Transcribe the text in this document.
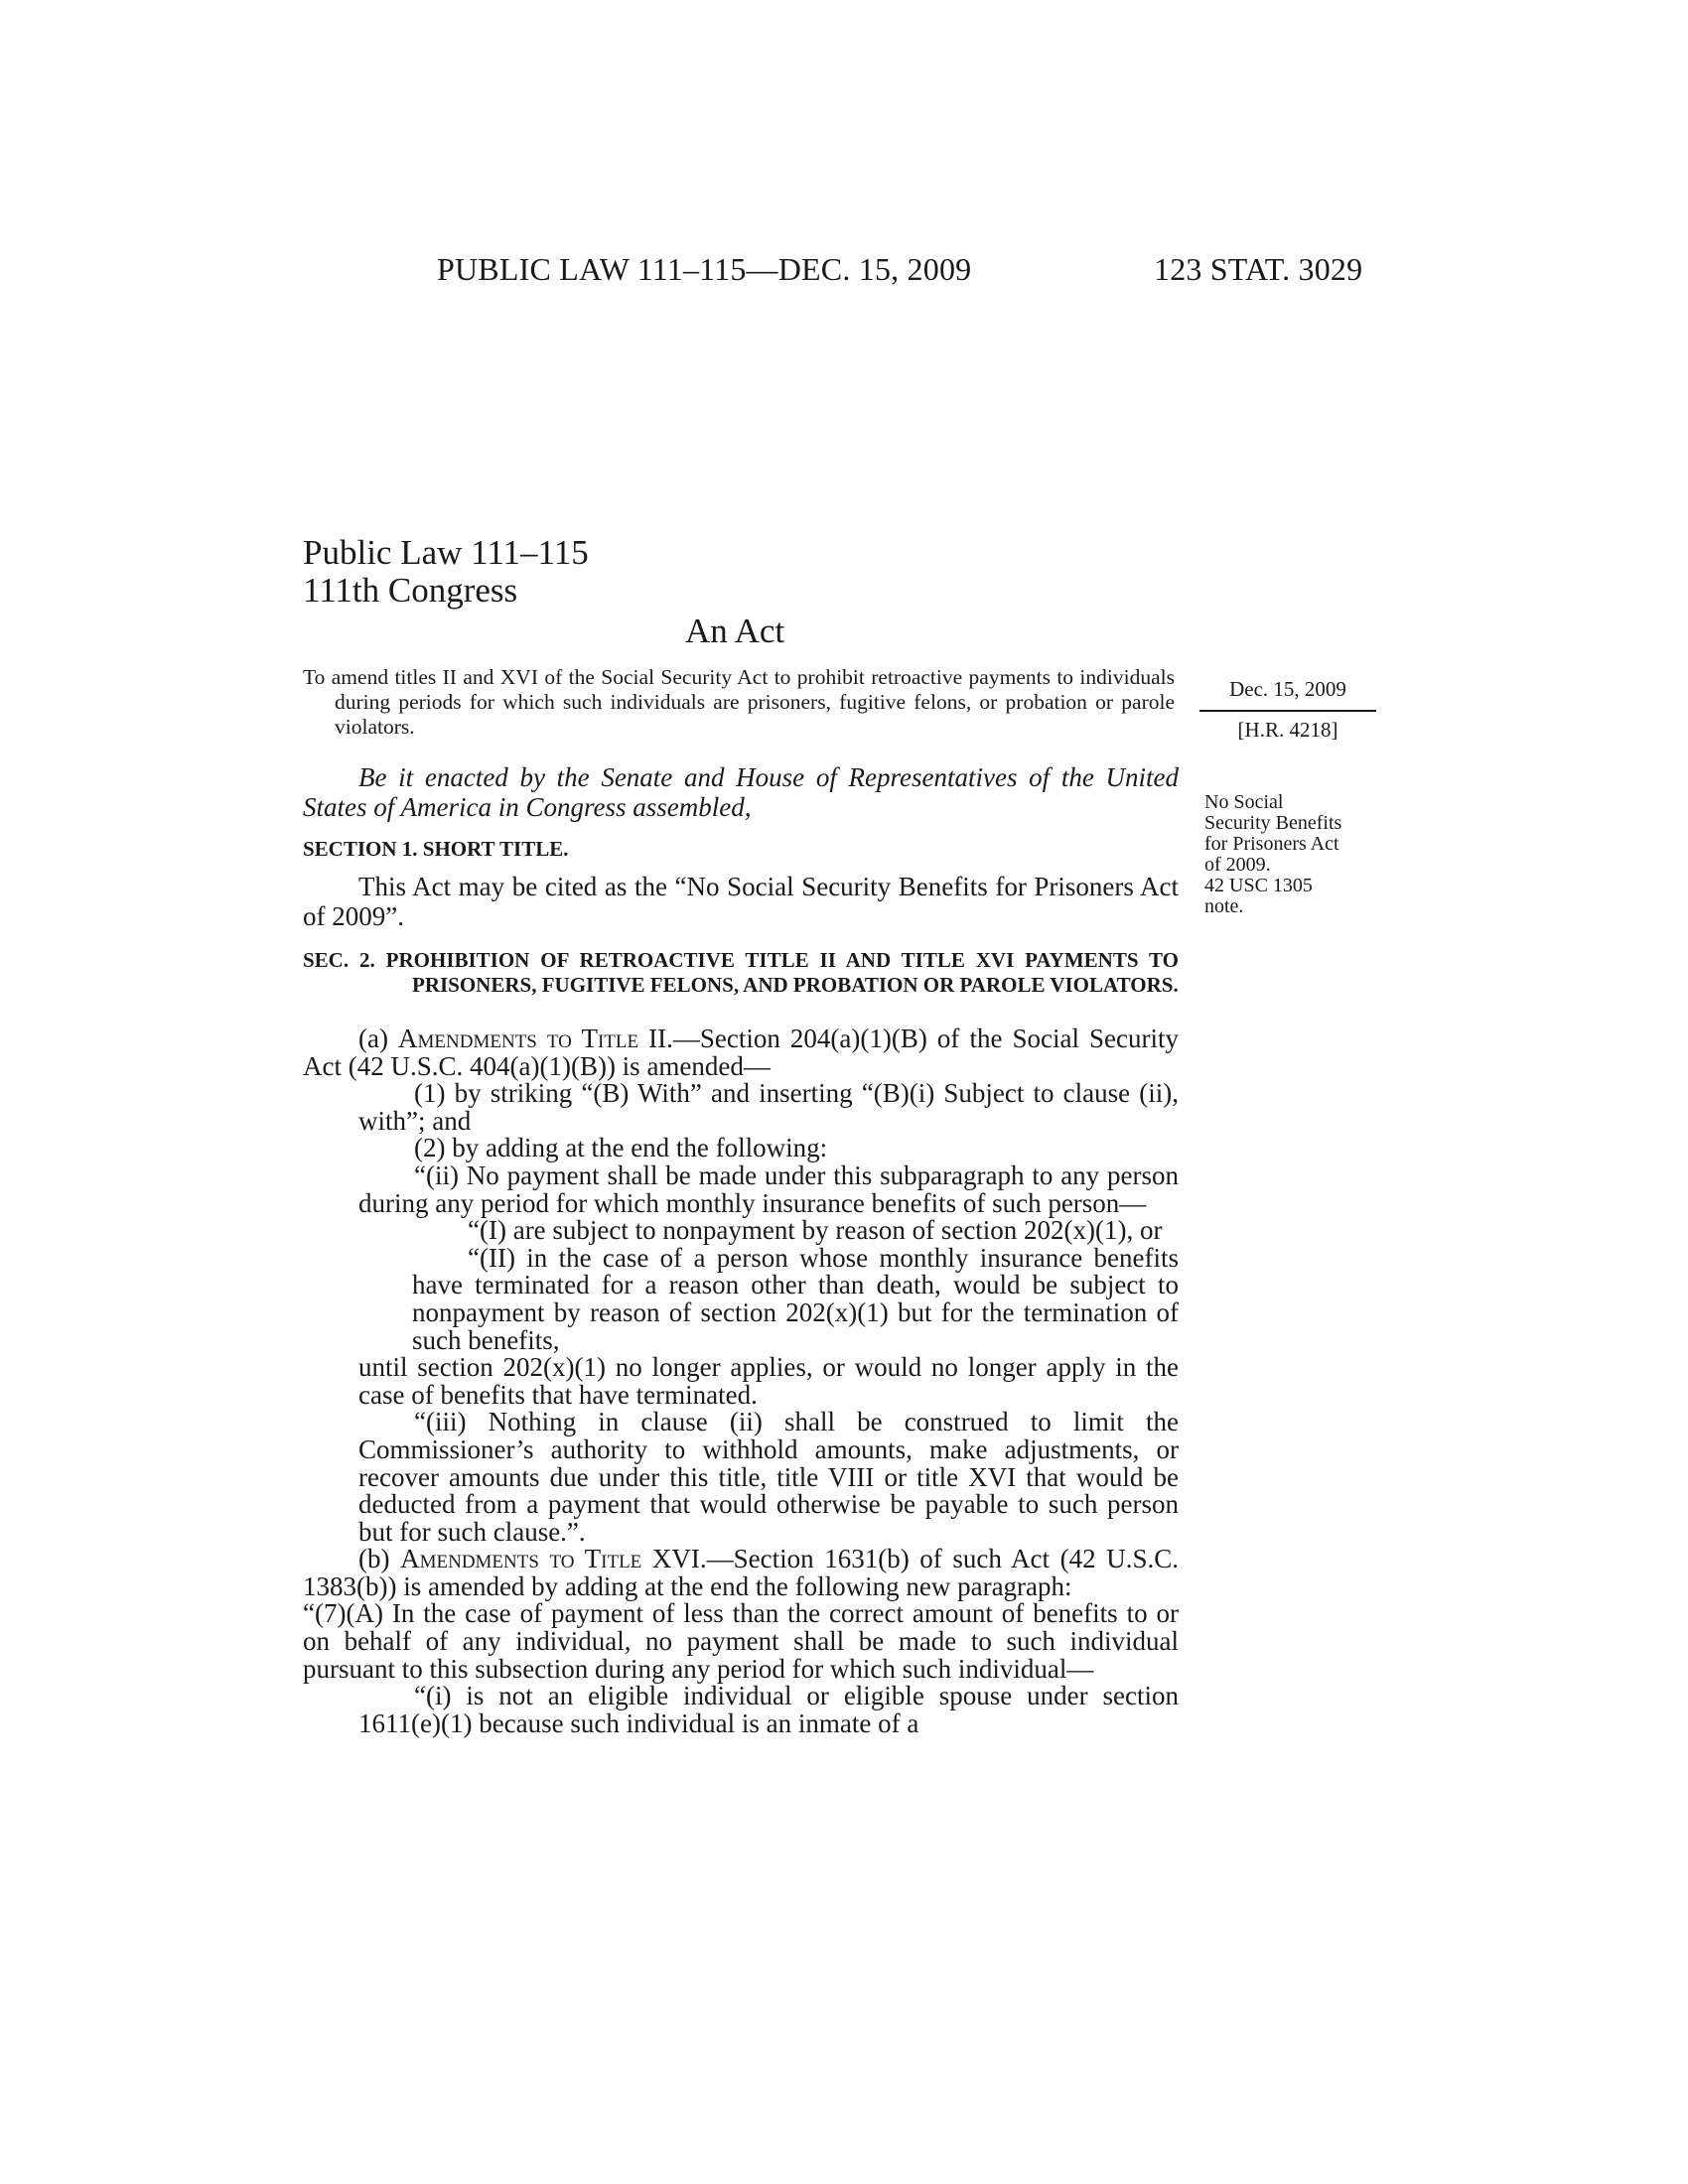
PUBLIC LAW 111–115—DEC. 15, 2009	123 STAT. 3029
Public Law 111–115
111th Congress
An Act
To amend titles II and XVI of the Social Security Act to prohibit retroactive payments to individuals during periods for which such individuals are prisoners, fugitive felons, or probation or parole violators.
Dec. 15, 2009
[H.R. 4218]
No Social
Security Benefits
for Prisoners Act
of 2009.
42 USC 1305
note.
Be it enacted by the Senate and House of Representatives of the United States of America in Congress assembled,
SECTION 1. SHORT TITLE.
This Act may be cited as the “No Social Security Benefits for Prisoners Act of 2009”.
SEC. 2. PROHIBITION OF RETROACTIVE TITLE II AND TITLE XVI PAYMENTS TO PRISONERS, FUGITIVE FELONS, AND PROBATION OR PAROLE VIOLATORS.

(a) Amendments to Title II.—Section 204(a)(1)(B) of the Social Security Act (42 U.S.C. 404(a)(1)(B)) is amended—

(1) by striking “(B) With” and inserting “(B)(i) Subject to clause (ii), with”; and

(2) by adding at the end the following:

“(ii) No payment shall be made under this subparagraph to any person during any period for which monthly insurance benefits of such person—

“(I) are subject to nonpayment by reason of section 202(x)(1), or

“(II) in the case of a person whose monthly insurance benefits have terminated for a reason other than death, would be subject to nonpayment by reason of section 202(x)(1) but for the termination of such benefits,

until section 202(x)(1) no longer applies, or would no longer apply in the case of benefits that have terminated.

“(iii) Nothing in clause (ii) shall be construed to limit the Commissioner’s authority to withhold amounts, make adjustments, or recover amounts due under this title, title VIII or title XVI that would be deducted from a payment that would otherwise be payable to such person but for such clause.”.

(b) Amendments to Title XVI.—Section 1631(b) of such Act (42 U.S.C. 1383(b)) is amended by adding at the end the following new paragraph:

“(7)(A) In the case of payment of less than the correct amount of benefits to or on behalf of any individual, no payment shall be made to such individual pursuant to this subsection during any period for which such individual—

“(i) is not an eligible individual or eligible spouse under section 1611(e)(1) because such individual is an inmate of a
